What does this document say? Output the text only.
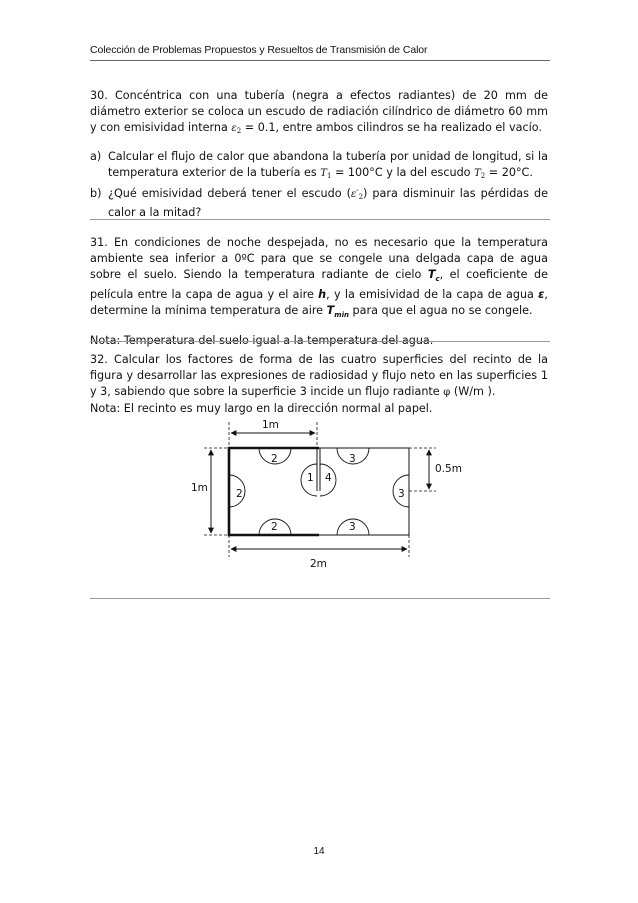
Colección de Problemas Propuestos y Resueltos de Transmisión de Calor

30. Concéntrica con una tubería (negra a efectos radiantes) de 20 mm de diámetro exterior se coloca un escudo de radiación cilíndrico de diámetro 60 mm y con emisividad interna $\varepsilon_2 = 0.1$, entre ambos cilindros se ha realizado el vacío.

a) Calcular el flujo de calor que abandona la tubería por unidad de longitud, si la temperatura exterior de la tubería es $T_1 = 100^\circ C$ y la del escudo $T_2 = 20^\circ C$.
b) ¿Qué emisividad deberá tener el escudo $(\varepsilon'_2)$ para disminuir las pérdidas de calor a la mitad?

31. En condiciones de noche despejada, no es necesario que la temperatura ambiente sea inferior a 0ºC para que se congele una delgada capa de agua sobre el suelo. Siendo la temperatura radiante de cielo $T_c$, el coeficiente de película entre la capa de agua y el aire h, y la emisividad de la capa de agua ε, determine la mínima temperatura de aire $T_{min}$ para que el agua no se congele.

Nota: Temperatura del suelo igual a la temperatura del agua.

32. Calcular los factores de forma de las cuatro superficies del recinto de la figura y desarrollar las expresiones de radiosidad y flujo neto en las superficies 1 y 3, sabiendo que sobre la superficie 3 incide un flujo radiante φ (W/m ).

Nota: El recinto es muy largo en la dirección normal al papel.

1m
1m
0.5m
2m
2	3
2	3
2	3
1 4
14
